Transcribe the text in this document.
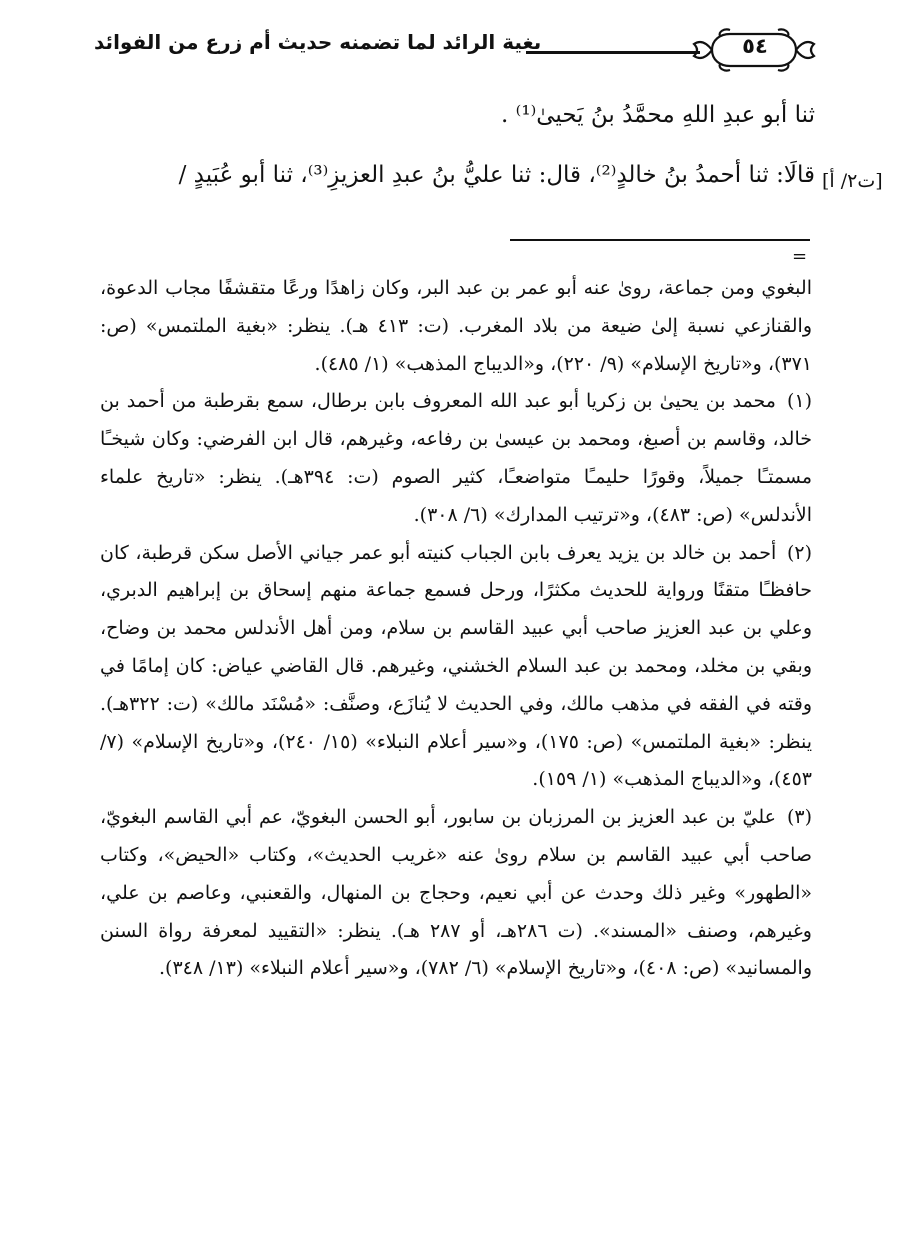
بغية الرائد لما تضمنه حديث أم زرع من الفوائد	٥٤
ثنا أبو عبدِ اللهِ محمَّدُ بنُ يَحيىٰ⁽¹⁾ .
قالَا: ثنا أحمدُ بنُ خالدٍ⁽²⁾، قال: ثنا عليُّ بنُ عبدِ العزيزِ⁽³⁾، ثنا أبو عُبَيدٍ / [ت٢/ أ]
=

البغوي ومن جماعة، روىٰ عنه أبو عمر بن عبد البر، وكان زاهدًا ورعًا متقشفًا مجاب الدعوة، والقنازعي نسبة إلىٰ ضيعة من بلاد المغرب. (ت: ٤١٣ هـ). ينظر: «بغية الملتمس» (ص: ٣٧١)، و«تاريخ الإسلام» (٩/ ٢٢٠)، و«الديباج المذهب» (١/ ٤٨٥).

(١) محمد بن يحيىٰ بن زكريا أبو عبد الله المعروف بابن برطال، سمع بقرطبة من أحمد بن خالد، وقاسم بن أصبغ، ومحمد بن عيسىٰ بن رفاعه، وغيرهم، قال ابن الفرضي: وكان شيخـًا مسمتـًا جميلاً، وقورًا حليمـًا متواضعـًا، كثير الصوم (ت: ٣٩٤هـ). ينظر: «تاريخ علماء الأندلس» (ص: ٤٨٣)، و«ترتيب المدارك» (٦/ ٣٠٨).

(٢) أحمد بن خالد بن يزيد يعرف بابن الجباب كنيته أبو عمر جياني الأصل سكن قرطبة، كان حافظـًا متقنًا ورواية للحديث مكثرًا، ورحل فسمع جماعة منهم إسحاق بن إبراهيم الدبري، وعلي بن عبد العزيز صاحب أبي عبيد القاسم بن سلام، ومن أهل الأندلس محمد بن وضاح، وبقي بن مخلد، ومحمد بن عبد السلام الخشني، وغيرهم. قال القاضي عياض: كان إمامًا في وقته في الفقه في مذهب مالك، وفي الحديث لا يُنازَع، وصنَّف: «مُسْنَد مالك» (ت: ٣٢٢هـ). ينظر: «بغية الملتمس» (ص: ١٧٥)، و«سير أعلام النبلاء» (١٥/ ٢٤٠)، و«تاريخ الإسلام» (٧/ ٤٥٣)، و«الديباج المذهب» (١/ ١٥٩).

(٣) عليّ بن عبد العزيز بن المرزبان بن سابور، أبو الحسن البغويّ، عم أبي القاسم البغويّ، صاحب أبي عبيد القاسم بن سلام روىٰ عنه «غريب الحديث»، وكتاب «الحيض»، وكتاب «الطهور» وغير ذلك وحدث عن أبي نعيم، وحجاج بن المنهال، والقعنبي، وعاصم بن علي، وغيرهم، وصنف «المسند». (ت ٢٨٦هـ، أو ٢٨٧ هـ). ينظر: «التقييد لمعرفة رواة السنن والمسانيد» (ص: ٤٠٨)، و«تاريخ الإسلام» (٦/ ٧٨٢)، و«سير أعلام النبلاء» (١٣/ ٣٤٨).
